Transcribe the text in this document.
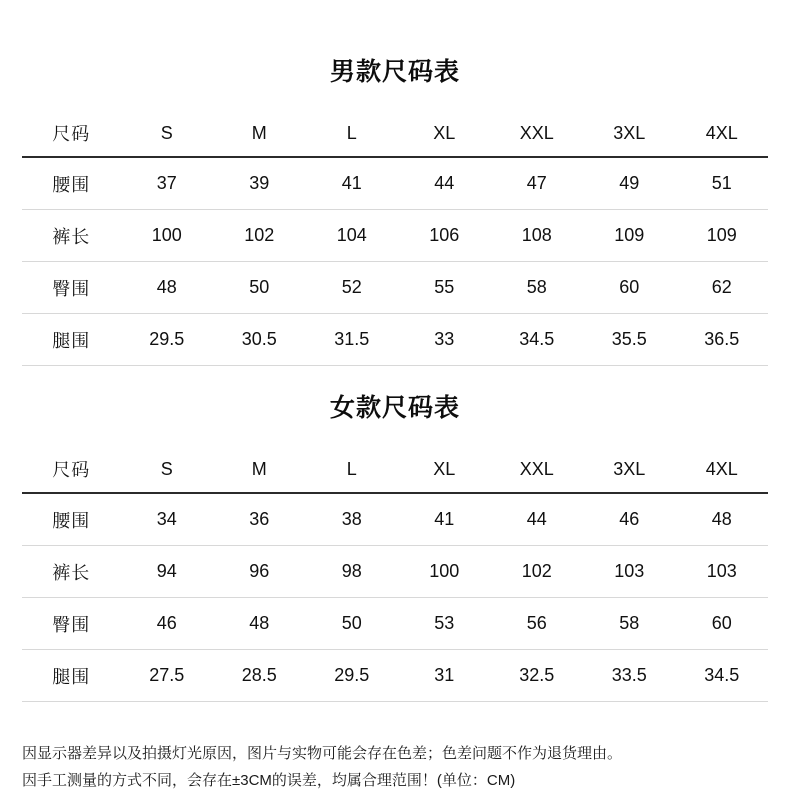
男款尺码表
尺码	S	M	L	XL	XXL	3XL	4XL
腰围	37	39	41	44	47	49	51
裤长	100	102	104	106	108	109	109
臀围	48	50	52	55	58	60	62
腿围	29.5	30.5	31.5	33	34.5	35.5	36.5
女款尺码表
尺码	S	M	L	XL	XXL	3XL	4XL
腰围	34	36	38	41	44	46	48
裤长	94	96	98	100	102	103	103
臀围	46	48	50	53	56	58	60
腿围	27.5	28.5	29.5	31	32.5	33.5	34.5
因显示器差异以及拍摄灯光原因，图片与实物可能会存在色差；色差问题不作为退货理由。
因手工测量的方式不同，会存在±3CM的误差，均属合理范围！(单位：CM)
